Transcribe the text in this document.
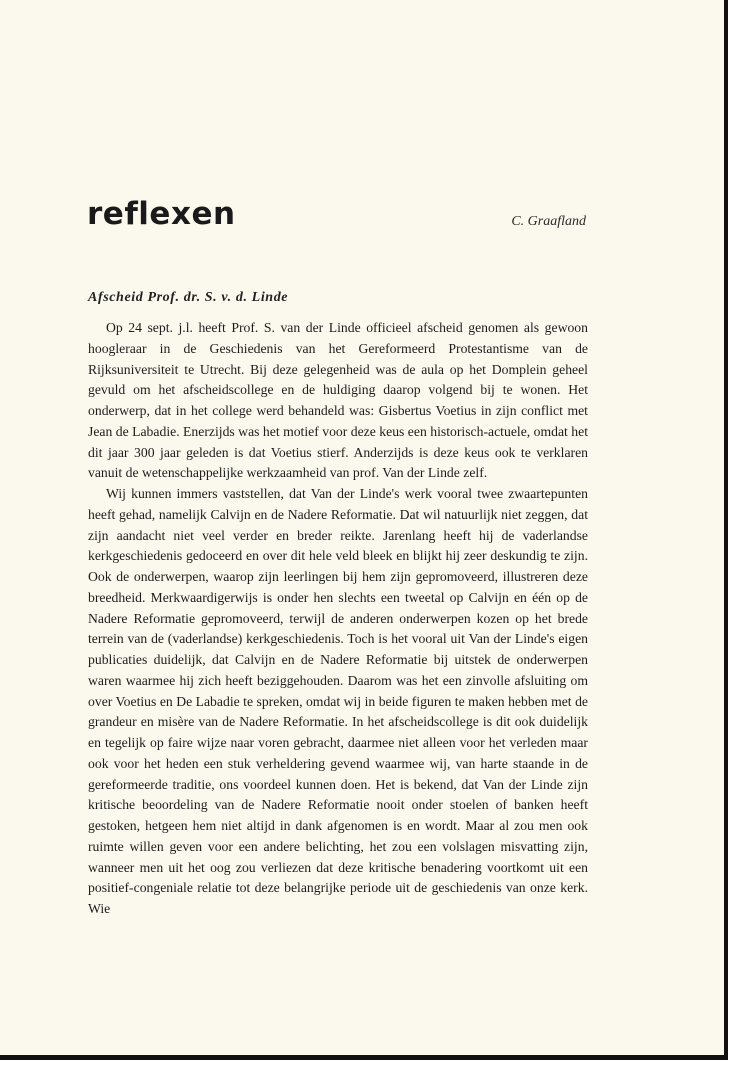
reflexen	C. Graafland
Afscheid Prof. dr. S. v. d. Linde

Op 24 sept. j.l. heeft Prof. S. van der Linde officieel afscheid genomen als gewoon hoogleraar in de Geschiedenis van het Gereformeerd Protestantisme van de Rijksuniversiteit te Utrecht. Bij deze gelegenheid was de aula op het Domplein geheel gevuld om het afscheidscollege en de huldiging daarop volgend bij te wonen. Het onderwerp, dat in het college werd behandeld was: Gisbertus Voetius in zijn conflict met Jean de Labadie. Enerzijds was het motief voor deze keus een historisch-actuele, omdat het dit jaar 300 jaar geleden is dat Voetius stierf. Anderzijds is deze keus ook te verklaren vanuit de wetenschappelijke werkzaamheid van prof. Van der Linde zelf.

Wij kunnen immers vaststellen, dat Van der Linde's werk vooral twee zwaartepunten heeft gehad, namelijk Calvijn en de Nadere Reformatie. Dat wil natuurlijk niet zeggen, dat zijn aandacht niet veel verder en breder reikte. Jarenlang heeft hij de vaderlandse kerkgeschiedenis gedoceerd en over dit hele veld bleek en blijkt hij zeer deskundig te zijn. Ook de onderwerpen, waarop zijn leerlingen bij hem zijn gepromoveerd, illustreren deze breedheid. Merkwaardigerwijs is onder hen slechts een tweetal op Calvijn en één op de Nadere Reformatie gepromoveerd, terwijl de anderen onderwerpen kozen op het brede terrein van de (vaderlandse) kerkgeschiedenis. Toch is het vooral uit Van der Linde's eigen publicaties duidelijk, dat Calvijn en de Nadere Reformatie bij uitstek de onderwerpen waren waarmee hij zich heeft beziggehouden. Daarom was het een zinvolle afsluiting om over Voetius en De Labadie te spreken, omdat wij in beide figuren te maken hebben met de grandeur en misère van de Nadere Reformatie. In het afscheidscollege is dit ook duidelijk en tegelijk op faire wijze naar voren gebracht, daarmee niet alleen voor het verleden maar ook voor het heden een stuk verheldering gevend waarmee wij, van harte staande in de gereformeerde traditie, ons voordeel kunnen doen. Het is bekend, dat Van der Linde zijn kritische beoordeling van de Nadere Reformatie nooit onder stoelen of banken heeft gestoken, hetgeen hem niet altijd in dank afgenomen is en wordt. Maar al zou men ook ruimte willen geven voor een andere belichting, het zou een volslagen misvatting zijn, wanneer men uit het oog zou verliezen dat deze kritische benadering voortkomt uit een positief-congeniale relatie tot deze belangrijke periode uit de geschiedenis van onze kerk. Wie
